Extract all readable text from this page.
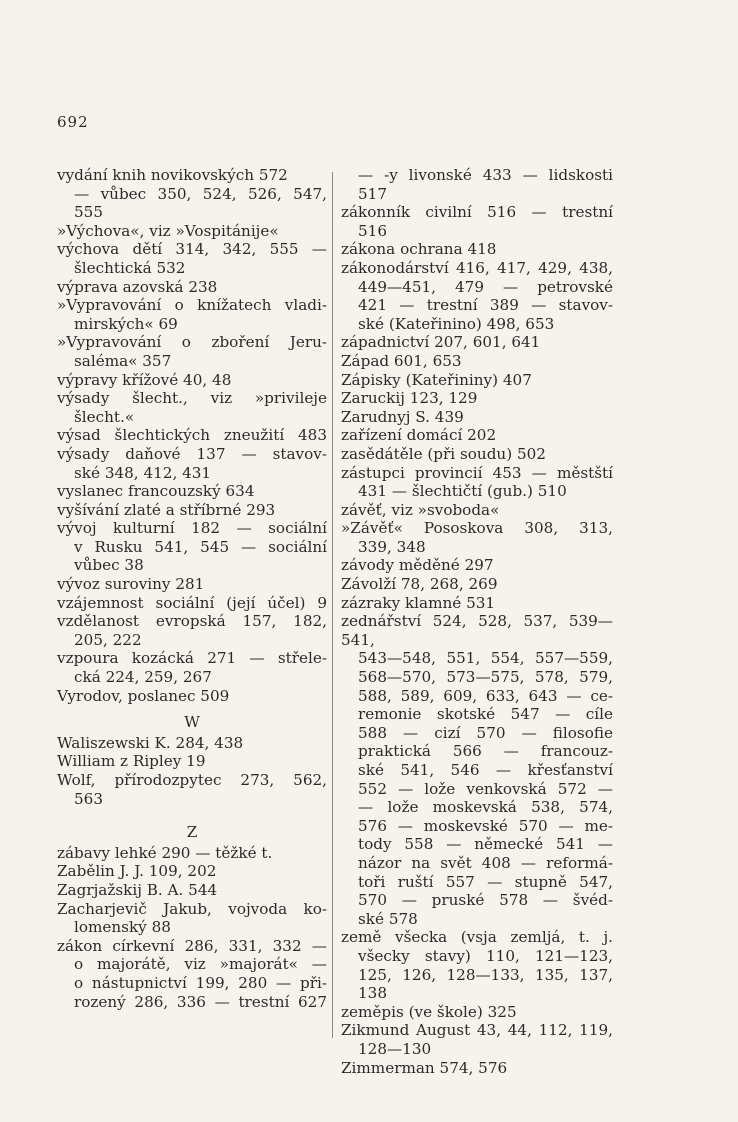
692
vydání knih novikovských 572
— vůbec 350, 524, 526, 547,
555
»Výchova«, viz »Vospitánije«
výchova dětí 314, 342, 555 —
šlechtická 532
výprava azovská 238
»Vypravování o knížatech vladi-
mirských« 69
»Vypravování o zboření Jeru-
saléma« 357
výpravy křížové 40, 48
výsady šlecht., viz »privileje
šlecht.«
výsad šlechtických zneužití 483
výsady daňové 137 — stavov-
ské 348, 412, 431
vyslanec francouzský 634
vyšívání zlaté a stříbrné 293
vývoj kulturní 182 — sociální
v Rusku 541, 545 — sociální
vůbec 38
vývoz suroviny 281
vzájemnost sociální (její účel) 9
vzdělanost evropská 157, 182,
205, 222
vzpoura kozácká 271 — střele-
cká 224, 259, 267
Vyrodov, poslanec 509
W
Waliszewski K. 284, 438
William z Ripley 19
Wolf, přírodozpytec 273, 562,
563
Z
zábavy lehké 290 — těžké t.
Zabělin J. J. 109, 202
Zagrjažskij B. A. 544
Zacharjevič Jakub, vojvoda ko-
lomenský 88
zákon církevní 286, 331, 332 —
o majorátě, viz »majorát« —
o nástupnictví 199, 280 — při-
rozený 286, 336 — trestní 627
— -y livonské 433 — lidskosti
517
zákonník civilní 516 — trestní
516
zákona ochrana 418
zákonodárství 416, 417, 429, 438,
449—451, 479 — petrovské
421 — trestní 389 — stavov-
ské (Kateřinino) 498, 653
západnictví 207, 601, 641
Západ 601, 653
Zápisky (Kateřininy) 407
Zaruckij 123, 129
Zarudnyj S. 439
zařízení domácí 202
zasědátěle (při soudu) 502
zástupci provincií 453 — městští
431 — šlechtičtí (gub.) 510
závěť, viz »svoboda«
»Závěť« Pososkova 308, 313,
339, 348
závody měděné 297
Závolží 78, 268, 269
zázraky klamné 531
zednářství 524, 528, 537, 539—541,
543—548, 551, 554, 557—559,
568—570, 573—575, 578, 579,
588, 589, 609, 633, 643 — ce-
remonie skotské 547 — cíle
588 — cizí 570 — filosofie
praktická 566 — francouz-
ské 541, 546 — křesťanství
552 — lože venkovská 572 —
— lože moskevská 538, 574,
576 — moskevské 570 — me-
tody 558 — německé 541 —
názor na svět 408 — reformá-
toři ruští 557 — stupně 547,
570 — pruské 578 — švéd-
ské 578
země všecka (vsja zemljá, t. j.
všecky stavy) 110, 121—123,
125, 126, 128—133, 135, 137,
138
zeměpis (ve škole) 325
Zikmund August 43, 44, 112, 119,
128—130
Zimmerman 574, 576
